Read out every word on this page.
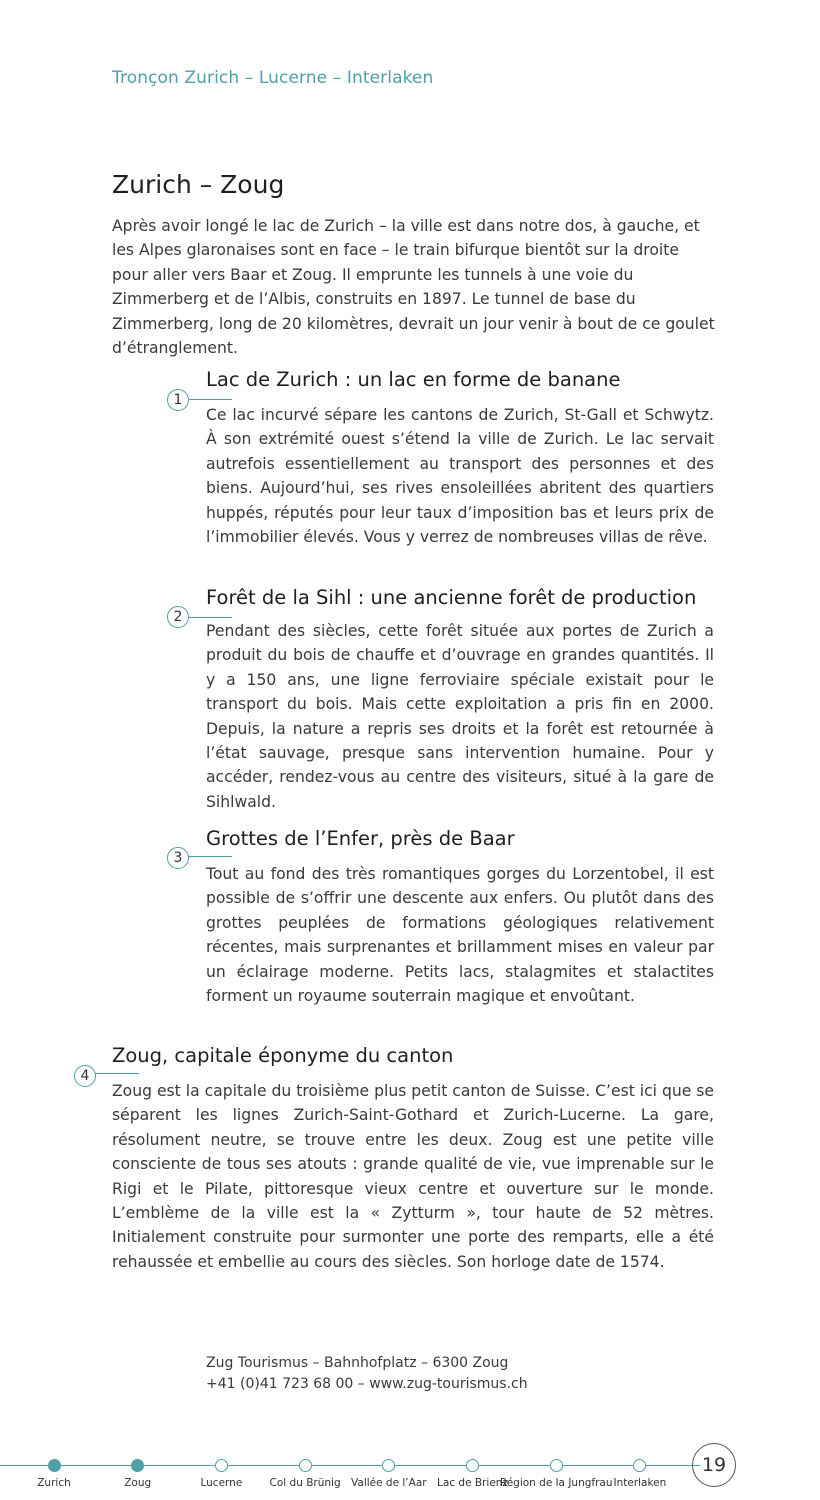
Tronçon Zurich – Lucerne – Interlaken
Zurich – Zoug

Après avoir longé le lac de Zurich – la ville est dans notre dos, à gauche, et les Alpes glaronaises sont en face – le train bifurque bientôt sur la droite pour aller vers Baar et Zoug. Il emprunte les tunnels à une voie du Zimmerberg et de l’Albis, construits en 1897. Le tunnel de base du Zimmerberg, long de 20 kilomètres, devrait un jour venir à bout de ce goulet d’étranglement.

1
Lac de Zurich : un lac en forme de banane

Ce lac incurvé sépare les cantons de Zurich, St-Gall et Schwytz. À son extrémité ouest s’étend la ville de Zurich. Le lac servait autrefois essentiellement au transport des personnes et des biens. Aujourd’hui, ses rives ensoleillées abritent des quartiers huppés, réputés pour leur taux d’imposition bas et leurs prix de l’immobilier élevés. Vous y verrez de nombreuses villas de rêve.

2
Forêt de la Sihl : une ancienne forêt de production

Pendant des siècles, cette forêt située aux portes de Zurich a produit du bois de chauffe et d’ouvrage en grandes quantités. Il y a 150 ans, une ligne ferroviaire spéciale existait pour le transport du bois. Mais cette exploitation a pris fin en 2000. Depuis, la nature a repris ses droits et la forêt est retournée à l’état sauvage, presque sans intervention humaine. Pour y accéder, rendez-vous au centre des visiteurs, situé à la gare de Sihlwald.

3
Grottes de l’Enfer, près de Baar

Tout au fond des très romantiques gorges du Lorzentobel, il est possible de s’offrir une descente aux enfers. Ou plutôt dans des grottes peuplées de formations géologiques relativement récentes, mais surprenantes et brillamment mises en valeur par un éclairage moderne. Petits lacs, stalagmites et stalactites forment un royaume souterrain magique et envoûtant.

4
Zoug, capitale éponyme du canton

Zoug est la capitale du troisième plus petit canton de Suisse. C’est ici que se séparent les lignes Zurich-Saint-Gothard et Zurich-Lucerne. La gare, résolument neutre, se trouve entre les deux. Zoug est une petite ville consciente de tous ses atouts : grande qualité de vie, vue imprenable sur le Rigi et le Pilate, pittoresque vieux centre et ouverture sur le monde. L’emblème de la ville est la « Zytturm », tour haute de 52 mètres. Initialement construite pour surmonter une porte des remparts, elle a été rehaussée et embellie au cours des siècles. Son horloge date de 1574.

Zug Tourismus – Bahnhofplatz – 6300 Zoug
+41 (0)41 723 68 00 – www.zug-tourismus.ch
Zurich	Zoug	Lucerne	Col du Brünig Vallée de l’Aar Lac de Brienz
Région de la Jungfrau Interlaken
19
